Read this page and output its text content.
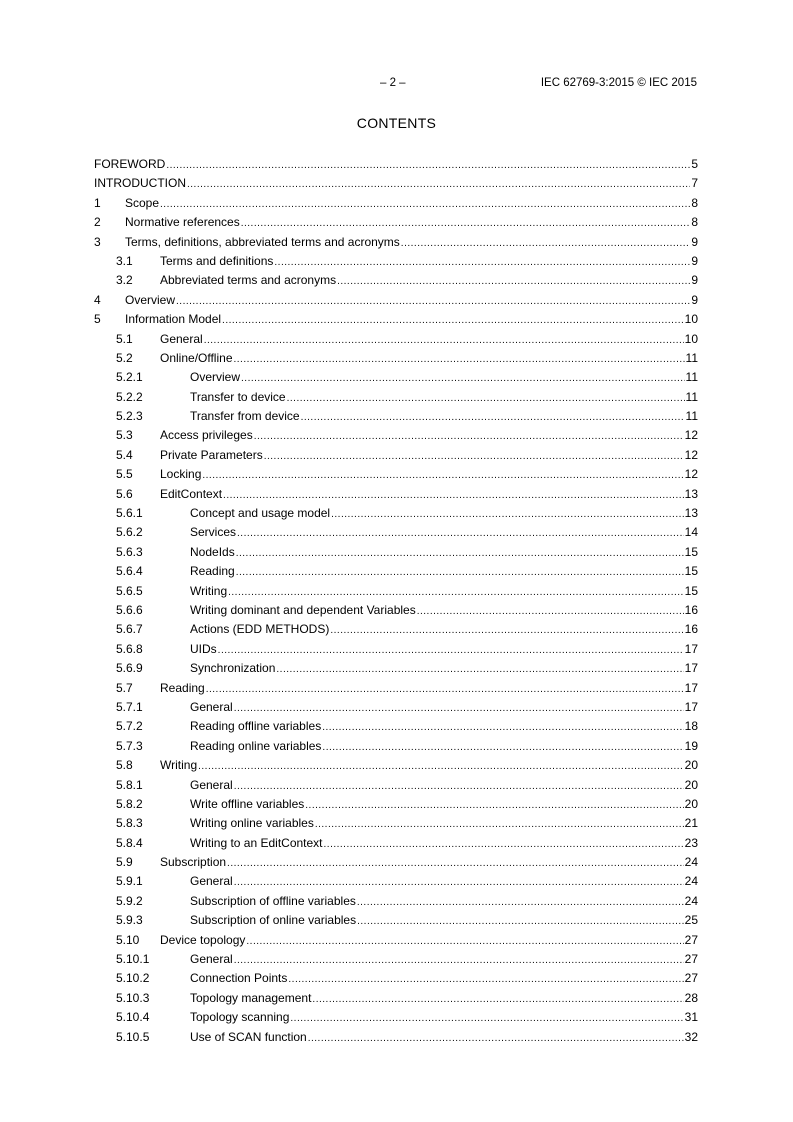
– 2 –	IEC 62769-3:2015 © IEC 2015
CONTENTS
FOREWORD .....	5
INTRODUCTION .....	7
1	Scope .....	8
2	Normative references .....	8
3	Terms, definitions, abbreviated terms and acronyms .....	9
3.1	Terms and definitions .....	9
3.2	Abbreviated terms and acronyms .....	9
4	Overview .....	9
5	Information Model .....	10
5.1	General .....	10
5.2	Online/Offline .....	11
5.2.1	Overview .....	11
5.2.2	Transfer to device .....	11
5.2.3	Transfer from device .....	11
5.3	Access privileges .....	12
5.4	Private Parameters .....	12
5.5	Locking .....	12
5.6	EditContext .....	13
5.6.1	Concept and usage model .....	13
5.6.2	Services .....	14
5.6.3	NodeIds .....	15
5.6.4	Reading .....	15
5.6.5	Writing .....	15
5.6.6	Writing dominant and dependent Variables .....	16
5.6.7	Actions (EDD METHODS) .....	16
5.6.8	UIDs .....	17
5.6.9	Synchronization .....	17
5.7	Reading .....	17
5.7.1	General .....	17
5.7.2	Reading offline variables .....	18
5.7.3	Reading online variables .....	19
5.8	Writing .....	20
5.8.1	General .....	20
5.8.2	Write offline variables .....	20
5.8.3	Writing online variables .....	21
5.8.4	Writing to an EditContext .....	23
5.9	Subscription .....	24
5.9.1	General .....	24
5.9.2	Subscription of offline variables .....	24
5.9.3	Subscription of online variables .....	25
5.10	Device topology .....	27
5.10.1	General .....	27
5.10.2	Connection Points .....	27
5.10.3	Topology management .....	28
5.10.4	Topology scanning .....	31
5.10.5	Use of SCAN function .....	32
